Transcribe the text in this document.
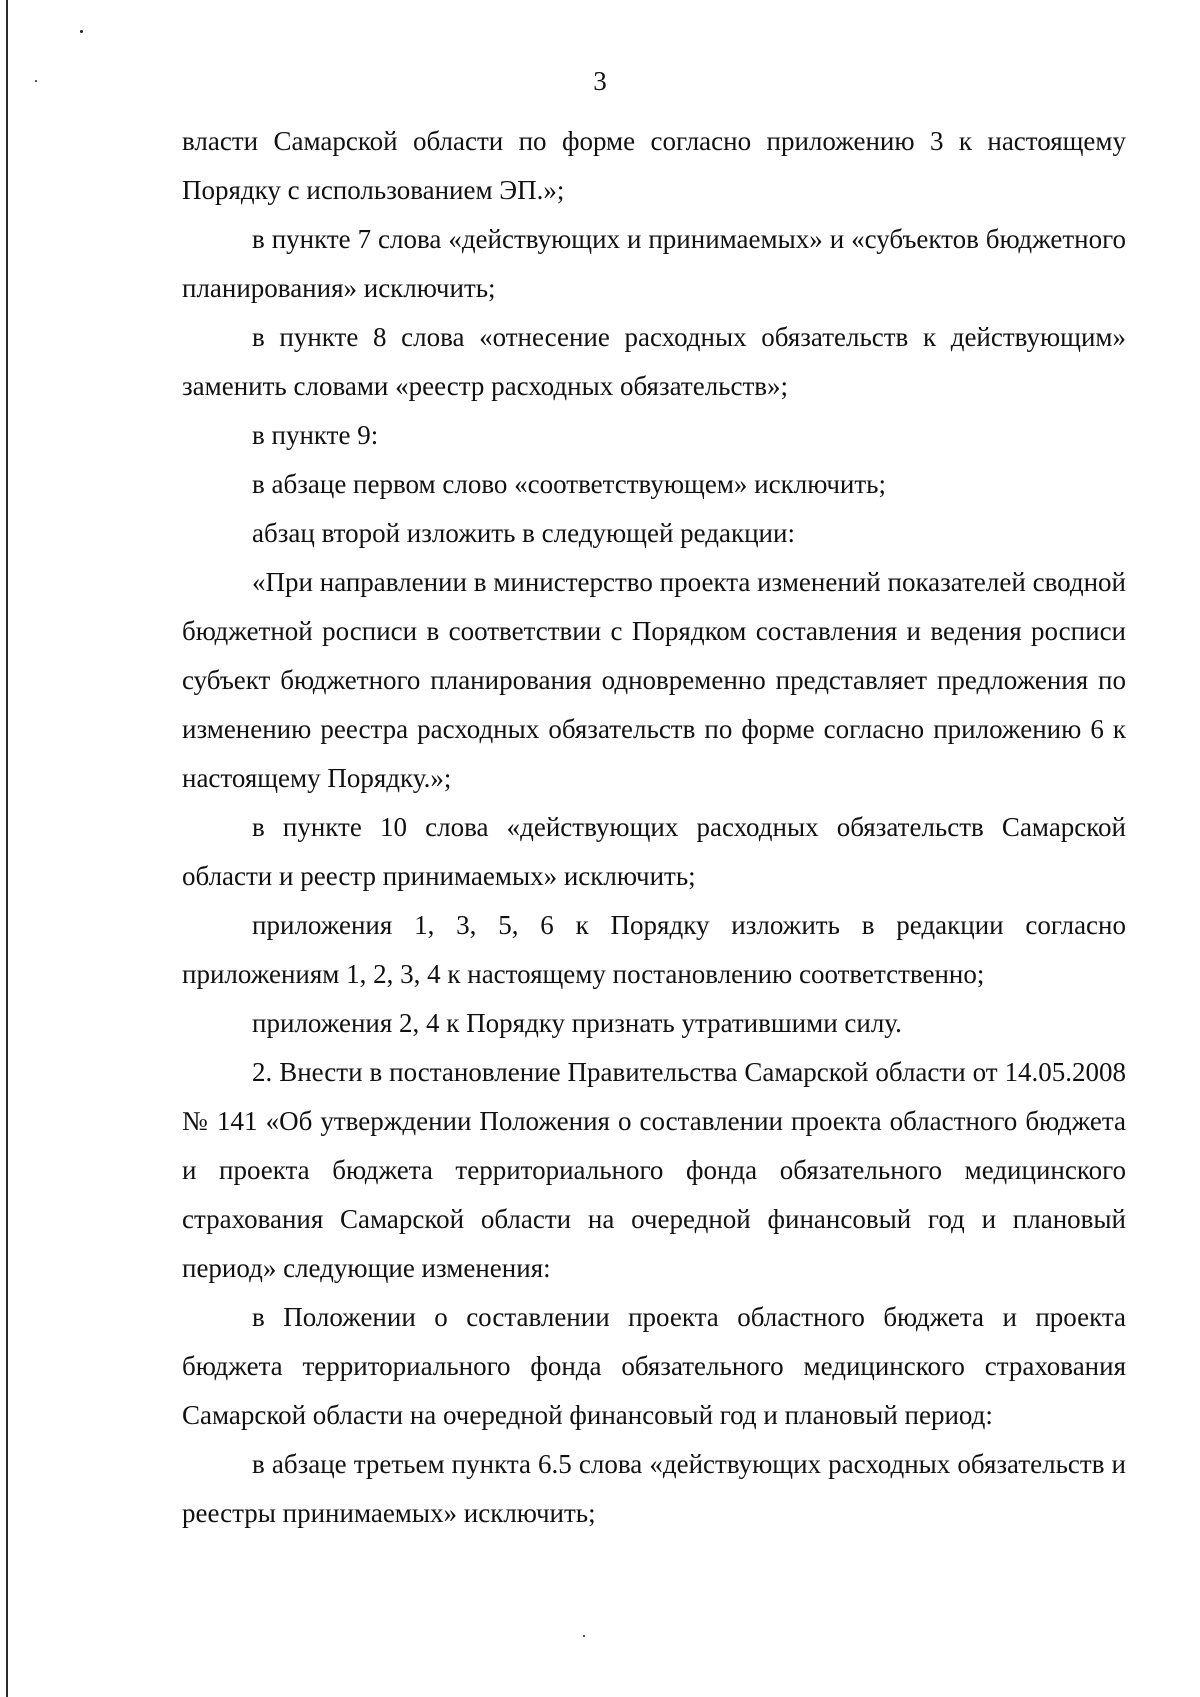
3

власти Самарской области по форме согласно приложению 3 к настоящему Порядку с использованием ЭП.»;

в пункте 7 слова «действующих и принимаемых» и «субъектов бюджетного планирования» исключить;

в пункте 8 слова «отнесение расходных обязательств к действующим» заменить словами «реестр расходных обязательств»;

в пункте 9:

в абзаце первом слово «соответствующем» исключить;

абзац второй изложить в следующей редакции:

«При направлении в министерство проекта изменений показателей сводной бюджетной росписи в соответствии с Порядком составления и ведения росписи субъект бюджетного планирования одновременно представляет предложения по изменению реестра расходных обязательств по форме согласно приложению 6 к настоящему Порядку.»;

в пункте 10 слова «действующих расходных обязательств Самарской области и реестр принимаемых» исключить;

приложения 1, 3, 5, 6 к Порядку изложить в редакции согласно приложениям 1, 2, 3, 4 к настоящему постановлению соответственно;

приложения 2, 4 к Порядку признать утратившими силу.

2. Внести в постановление Правительства Самарской области от 14.05.2008 № 141 «Об утверждении Положения о составлении проекта областного бюджета и проекта бюджета территориального фонда обязательного медицинского страхования Самарской области на очередной финансовый год и плановый период» следующие изменения:

в Положении о составлении проекта областного бюджета и проекта бюджета территориального фонда обязательного медицинского страхования Самарской области на очередной финансовый год и плановый период:

в абзаце третьем пункта 6.5 слова «действующих расходных обязательств и реестры принимаемых» исключить;
